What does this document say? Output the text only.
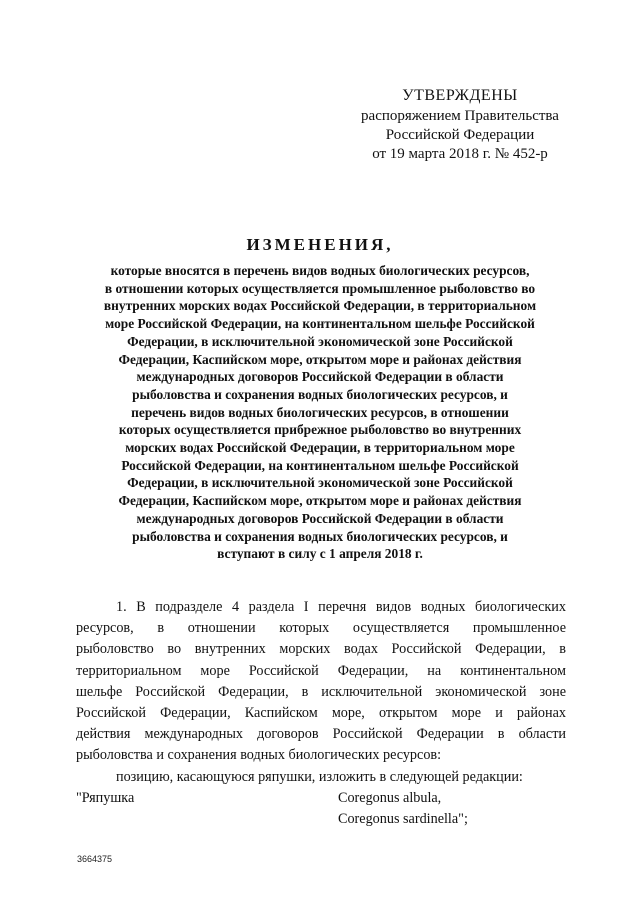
УТВЕРЖДЕНЫ
распоряжением Правительства
Российской Федерации
от 19 марта 2018 г. № 452-р
ИЗМЕНЕНИЯ,
которые вносятся в перечень видов водных биологических ресурсов,
в отношении которых осуществляется промышленное рыболовство во
внутренних морских водах Российской Федерации, в территориальном
море Российской Федерации, на континентальном шельфе Российской
Федерации, в исключительной экономической зоне Российской
Федерации, Каспийском море, открытом море и районах действия
международных договоров Российской Федерации в области
рыболовства и сохранения водных биологических ресурсов, и
перечень видов водных биологических ресурсов, в отношении
которых осуществляется прибрежное рыболовство во внутренних
морских водах Российской Федерации, в территориальном море
Российской Федерации, на континентальном шельфе Российской
Федерации, в исключительной экономической зоне Российской
Федерации, Каспийском море, открытом море и районах действия
международных договоров Российской Федерации в области
рыболовства и сохранения водных биологических ресурсов, и
вступают в силу с 1 апреля 2018 г.
1. В подразделе 4 раздела I перечня видов водных биологических
ресурсов, в отношении которых осуществляется промышленное
рыболовство во внутренних морских водах Российской Федерации, в
территориальном море Российской Федерации, на континентальном
шельфе Российской Федерации, в исключительной экономической зоне
Российской Федерации, Каспийском море, открытом море и районах
действия международных договоров Российской Федерации в области
рыболовства и сохранения водных биологических ресурсов:
позицию, касающуюся ряпушки, изложить в следующей редакции:
"Ряпушка	Coregonus albula,
Coregonus sardinella";
3664375
